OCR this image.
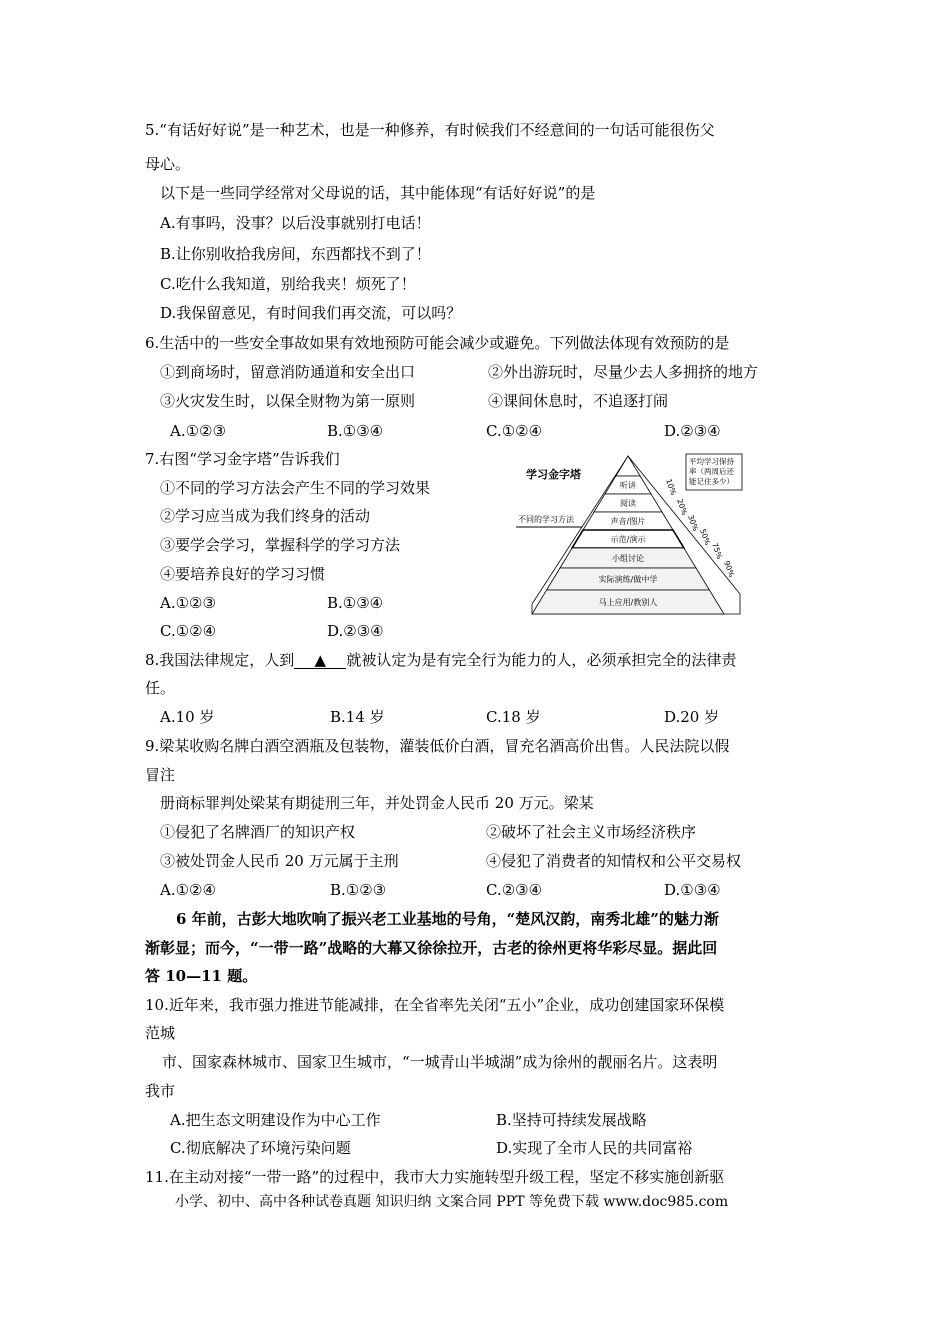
5.“有话好好说”是一种艺术，也是一种修养，有时候我们不经意间的一句话可能很伤父
母心。
以下是一些同学经常对父母说的话，其中能体现“有话好好说”的是
A.有事吗，没事？以后没事就别打电话！
B.让你别收拾我房间，东西都找不到了！
C.吃什么我知道，别给我夹！烦死了！
D.我保留意见，有时间我们再交流，可以吗？
6.生活中的一些安全事故如果有效地预防可能会减少或避免。下列做法体现有效预防的是
①到商场时，留意消防通道和安全出口	②外出游玩时，尽量少去人多拥挤的地方
③火灾发生时，以保全财物为第一原则	④课间休息时，不追逐打闹
A.①②③	B.①③④	C.①②④	D.②③④
7.右图“学习金字塔”告诉我们
①不同的学习方法会产生不同的学习效果
②学习应当成为我们终身的活动
③要学会学习，掌握科学的学习方法
④要培养良好的学习习惯
A.①②③	B.①③④
C.①②④	D.②③④
学习金字塔
平均学习保持
率（两周后还
能记住多少）
不同的学习方法
听讲
阅读
声音/图片
示范/演示
小组讨论
实际演练/做中学
马上应用/教别人
10%
20%
30%
50%
75%
90%
8.我国法律规定，人到 ▲ 就被认定为是有完全行为能力的人，必须承担完全的法律责
任。
A.10 岁	B.14 岁	C.18 岁	D.20 岁
9.梁某收购名牌白酒空酒瓶及包装物，灌装低价白酒，冒充名酒高价出售。人民法院以假
冒注
册商标罪判处梁某有期徒刑三年，并处罚金人民币 20 万元。梁某
①侵犯了名牌酒厂的知识产权	②破坏了社会主义市场经济秩序
③被处罚金人民币 20 万元属于主刑	④侵犯了消费者的知情权和公平交易权
A.①②④	B.①②③	C.②③④	D.①③④
6 年前，古彭大地吹响了振兴老工业基地的号角，“楚风汉韵，南秀北雄”的魅力渐
渐彰显；而今，“一带一路”战略的大幕又徐徐拉开，古老的徐州更将华彩尽显。据此回
答 10—11 题。
10.近年来，我市强力推进节能减排，在全省率先关闭“五小”企业，成功创建国家环保模
范城
市、国家森林城市、国家卫生城市，“一城青山半城湖”成为徐州的靓丽名片。这表明
我市
A.把生态文明建设作为中心工作	B.坚持可持续发展战略
C.彻底解决了环境污染问题	D.实现了全市人民的共同富裕
11.在主动对接“一带一路”的过程中，我市大力实施转型升级工程，坚定不移实施创新驱
小学、初中、高中各种试卷真题 知识归纳 文案合同 PPT 等免费下载 www.doc985.com
